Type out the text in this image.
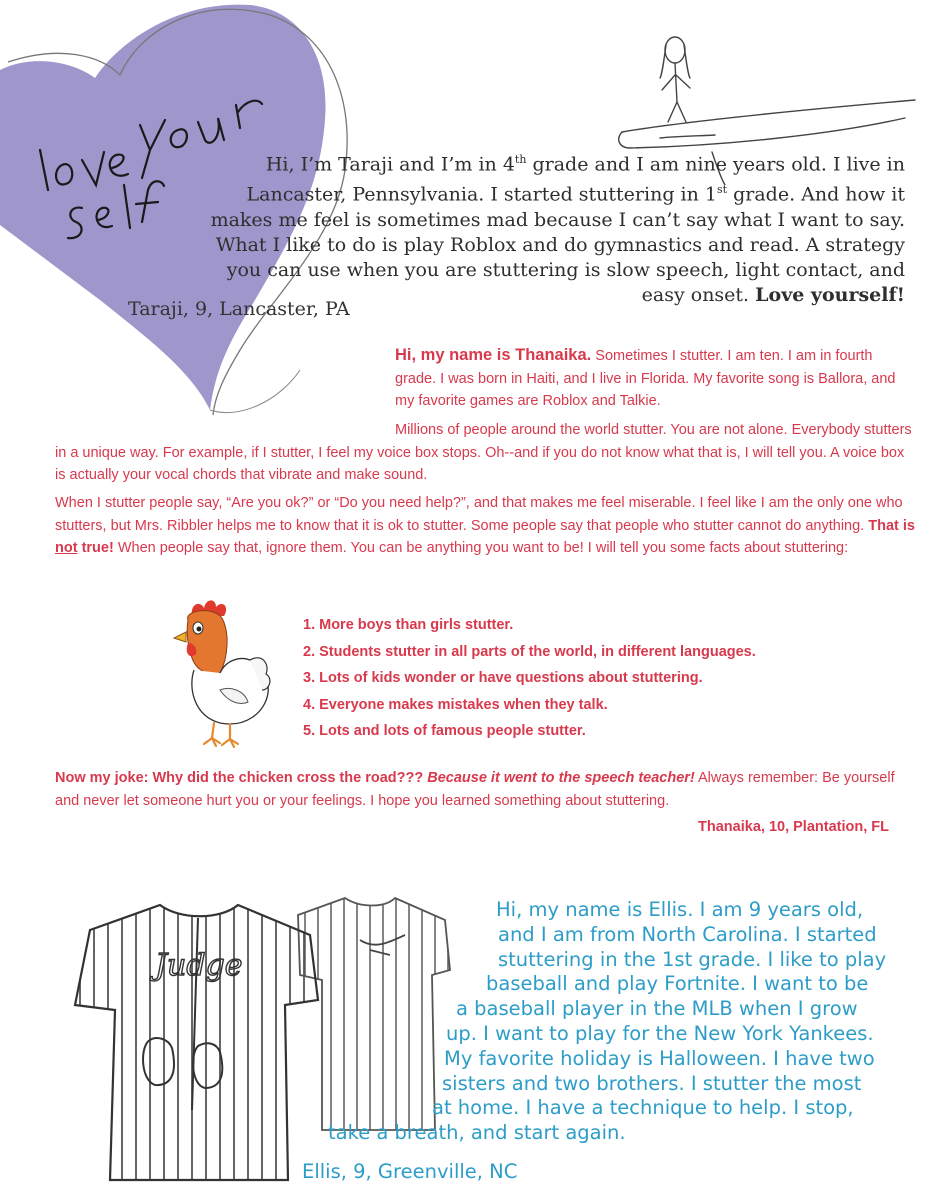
Hi, I’m Taraji and I’m in 4th grade and I am nine years old. I live in Lancaster, Pennsylvania. I started stuttering in 1st grade. And how it makes me feel is sometimes mad because I can’t say what I want to say. What I like to do is play Roblox and do gymnastics and read. A strategy you can use when you are stuttering is slow speech, light contact, and easy onset. Love yourself!

Taraji, 9, Lancaster, PA
Hi, my name is Thanaika. Sometimes I stutter. I am ten. I am in fourth grade. I was born in Haiti, and I live in Florida. My favorite song is Ballora, and my favorite games are Roblox and Talkie.
Millions of people around the world stutter. You are not alone. Everybody stutters in a unique way. For example, if I stutter, I feel my voice box stops. Oh--and if you do not know what that is, I will tell you. A voice box is actually your vocal chords that vibrate and make sound.
When I stutter people say, “Are you ok?” or “Do you need help?”, and that makes me feel miserable. I feel like I am the only one who stutters, but Mrs. Ribbler helps me to know that it is ok to stutter. Some people say that people who stutter cannot do anything. That is not true! When people say that, ignore them. You can be anything you want to be! I will tell you some facts about stuttering:
1. More boys than girls stutter.
2. Students stutter in all parts of the world, in different languages.
3. Lots of kids wonder or have questions about stuttering.
4. Everyone makes mistakes when they talk.
5. Lots and lots of famous people stutter.
Now my joke: Why did the chicken cross the road??? Because it went to the speech teacher! Always remember: Be yourself and never let someone hurt you or your feelings. I hope you learned something about stuttering.
Thanaika, 10, Plantation, FL
Judge
Hi, my name is Ellis. I am 9 years old,
and I am from North Carolina. I started
stuttering in the 1st grade. I like to play
baseball and play Fortnite. I want to be
a baseball player in the MLB when I grow
up. I want to play for the New York Yankees.
My favorite holiday is Halloween. I have two
sisters and two brothers. I stutter the most
at home. I have a technique to help. I stop,
take a breath, and start again.
Ellis, 9, Greenville, NC
